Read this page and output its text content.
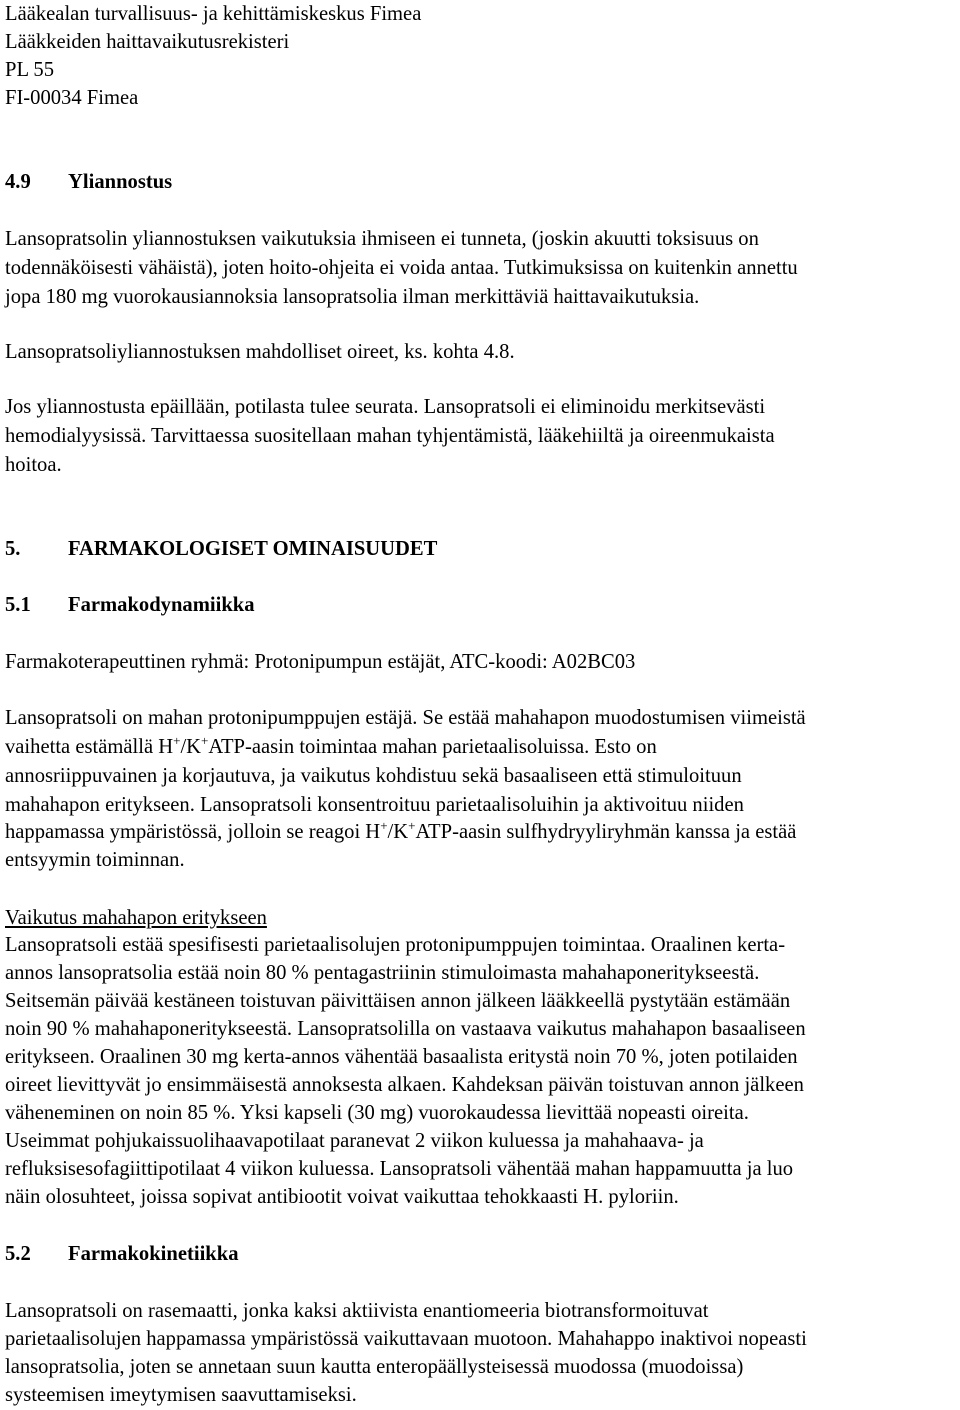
Lääkealan turvallisuus- ja kehittämiskeskus Fimea

Lääkkeiden haittavaikutusrekisteri

PL 55

FI-00034 Fimea

4.9 Yliannostus

Lansopratsolin yliannostuksen vaikutuksia ihmiseen ei tunneta, (joskin akuutti toksisuus on

todennäköisesti vähäistä), joten hoito-ohjeita ei voida antaa. Tutkimuksissa on kuitenkin annettu

jopa 180 mg vuorokausiannoksia lansopratsolia ilman merkittäviä haittavaikutuksia.

Lansopratsoliyliannostuksen mahdolliset oireet, ks. kohta 4.8.

Jos yliannostusta epäillään, potilasta tulee seurata. Lansopratsoli ei eliminoidu merkitsevästi

hemodialyysissä. Tarvittaessa suositellaan mahan tyhjentämistä, lääkehiiltä ja oireenmukaista

hoitoa.

5. FARMAKOLOGISET OMINAISUUDET

5.1 Farmakodynamiikka

Farmakoterapeuttinen ryhmä: Protonipumpun estäjät, ATC-koodi: A02BC03

Lansopratsoli on mahan protonipumppujen estäjä. Se estää mahahapon muodostumisen viimeistä

vaihetta estämällä H+/K+ATP-aasin toimintaa mahan parietaalisoluissa. Esto on

annosriippuvainen ja korjautuva, ja vaikutus kohdistuu sekä basaaliseen että stimuloituun

mahahapon eritykseen. Lansopratsoli konsentroituu parietaalisoluihin ja aktivoituu niiden

happamassa ympäristössä, jolloin se reagoi H+/K+ATP-aasin sulfhydryyliryhmän kanssa ja estää

entsyymin toiminnan.

Vaikutus mahahapon eritykseen

Lansopratsoli estää spesifisesti parietaalisolujen protonipumppujen toimintaa. Oraalinen kerta-

annos lansopratsolia estää noin 80 % pentagastriinin stimuloimasta mahahaponeritykseestä.

Seitsemän päivää kestäneen toistuvan päivittäisen annon jälkeen lääkkeellä pystytään estämään

noin 90 % mahahaponeritykseestä. Lansopratsolilla on vastaava vaikutus mahahapon basaaliseen

eritykseen. Oraalinen 30 mg kerta-annos vähentää basaalista eritystä noin 70 %, joten potilaiden

oireet lievittyvät jo ensimmäisestä annoksesta alkaen. Kahdeksan päivän toistuvan annon jälkeen

väheneminen on noin 85 %. Yksi kapseli (30 mg) vuorokaudessa lievittää nopeasti oireita.

Useimmat pohjukaissuolihaavapotilaat paranevat 2 viikon kuluessa ja mahahaava- ja

refluksisesofagiittipotilaat 4 viikon kuluessa. Lansopratsoli vähentää mahan happamuutta ja luo

näin olosuhteet, joissa sopivat antibiootit voivat vaikuttaa tehokkaasti H. pyloriin.

5.2 Farmakokinetiikka

Lansopratsoli on rasemaatti, jonka kaksi aktiivista enantiomeeria biotransformoituvat

parietaalisolujen happamassa ympäristössä vaikuttavaan muotoon. Mahahappo inaktivoi nopeasti

lansopratsolia, joten se annetaan suun kautta enteropäällysteisessä muodossa (muodoissa)

systeemisen imeytymisen saavuttamiseksi.
